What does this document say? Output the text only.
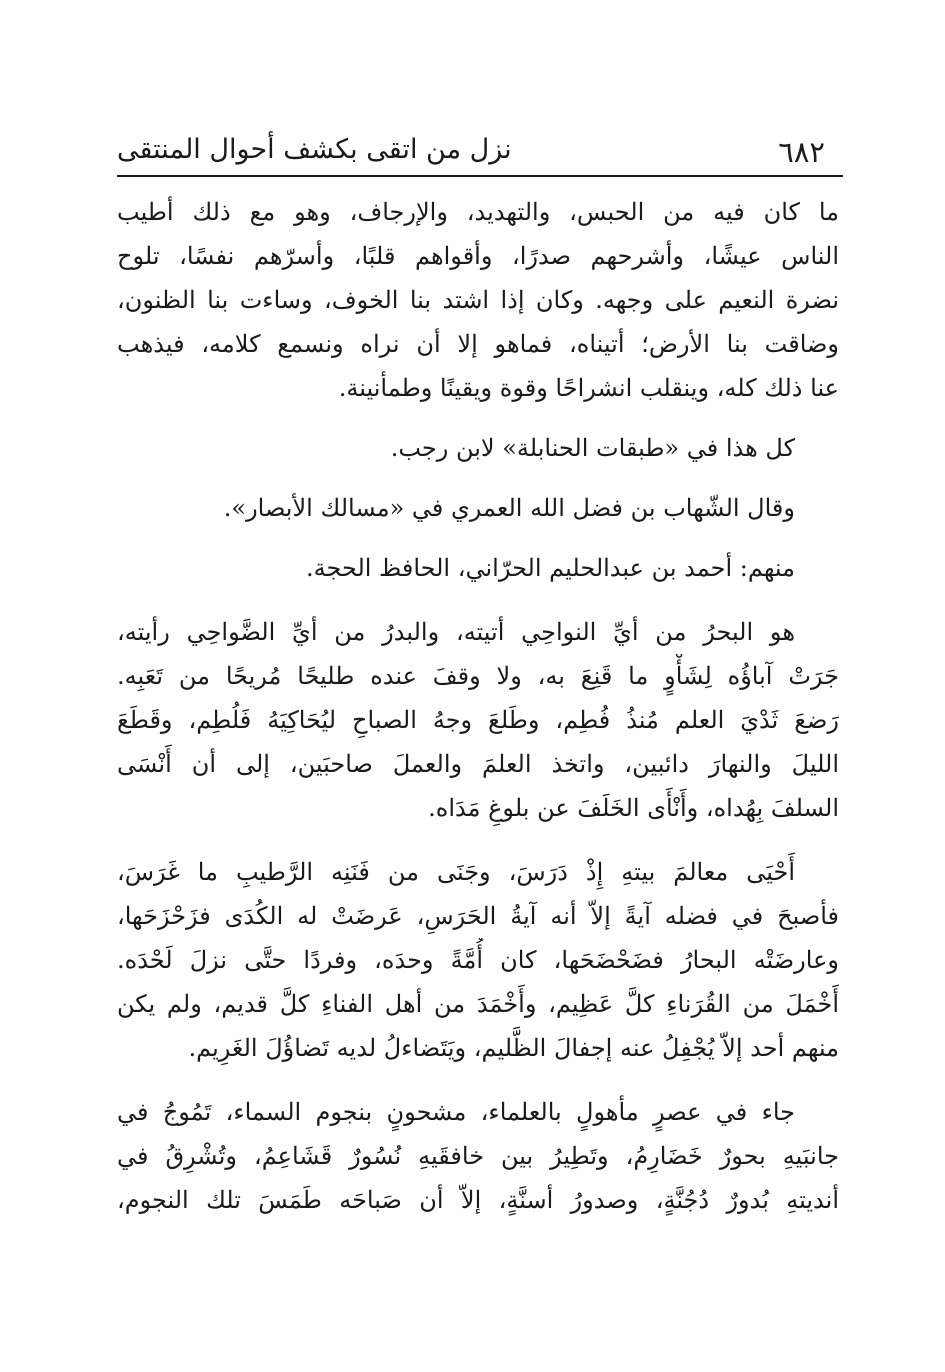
٦٨٢
نزل من اتقى بكشف أحوال المنتقى

ما كان فيه من الحبس، والتهديد، والإرجاف، وهو مع ذلك أطيب
الناس عيشًا، وأشرحهم صدرًا، وأقواهم قلبًا، وأسرّهم نفسًا، تلوح
نضرة النعيم على وجهه. وكان إذا اشتد بنا الخوف، وساءت بنا الظنون،
وضاقت بنا الأرض؛ أتيناه، فماهو إلا أن نراه ونسمع كلامه، فيذهب
عنا ذلك كله، وينقلب انشراحًا وقوة ويقينًا وطمأنينة.

كل هذا في «طبقات الحنابلة» لابن رجب.

وقال الشّهاب بن فضل الله العمري في «مسالك الأبصار».

منهم: أحمد بن عبدالحليم الحرّاني، الحافظ الحجة.

هو البحرُ من أيِّ النواحِي أتيته، والبدرُ من أيِّ الضَّواحِي رأيته،
جَرَتْ آباؤُه لِشَأْوٍ ما قَنِعَ به، ولا وقفَ عنده طليحًا مُريحًا من تَعَبِه.
رَضعَ ثَدْيَ العلم مُنذُ فُطِم، وطَلعَ وجهُ الصباحِ ليُحَاكِيَهُ فَلُطِم، وقَطَعَ
الليلَ والنهارَ دائبين، واتخذ العلمَ والعملَ صاحبَين، إلى أن أَنْسَى
السلفَ بِهُداه، وأَنْأَى الخَلَفَ عن بلوغِ مَدَاه.

أَحْيَى معالمَ بيتهِ إِذْ دَرَسَ، وجَنَى من فَنَنِه الرَّطيبِ ما غَرَسَ،
فأصبحَ في فضله آيةً إلاّ أنه آيةُ الحَرَسِ، عَرضَتْ له الكُدَى فزَحْزَحَها،
وعارضَتْه البحارُ فضَحْضَحَها، كان أُمَّةً وحدَه، وفردًا حتَّى نزلَ لَحْدَه.
أَخْمَلَ من القُرَناءِ كلَّ عَظِيم، وأَخْمَدَ من أهل الفناءِ كلَّ قديم، ولم يكن
منهم أحد إلاّ يُجْفِلُ عنه إجفالَ الظَّليم، ويَتَضاءلُ لديه تَضاؤُلَ الغَرِيم.

جاء في عصرٍ مأهولٍ بالعلماء، مشحونٍ بنجوم السماء، تَمُوجُ في
جانبَيهِ بحورٌ خَضَارِمُ، وتَطِيرُ بين خافقَيهِ نُسُورٌ قَشَاعِمُ، وتُشْرِقُ في
أنديتهِ بُدورٌ دُجُنَّةٍ، وصدورُ أسنَّةٍ، إلاّ أن صَباحَه طَمَسَ تلك النجوم،
